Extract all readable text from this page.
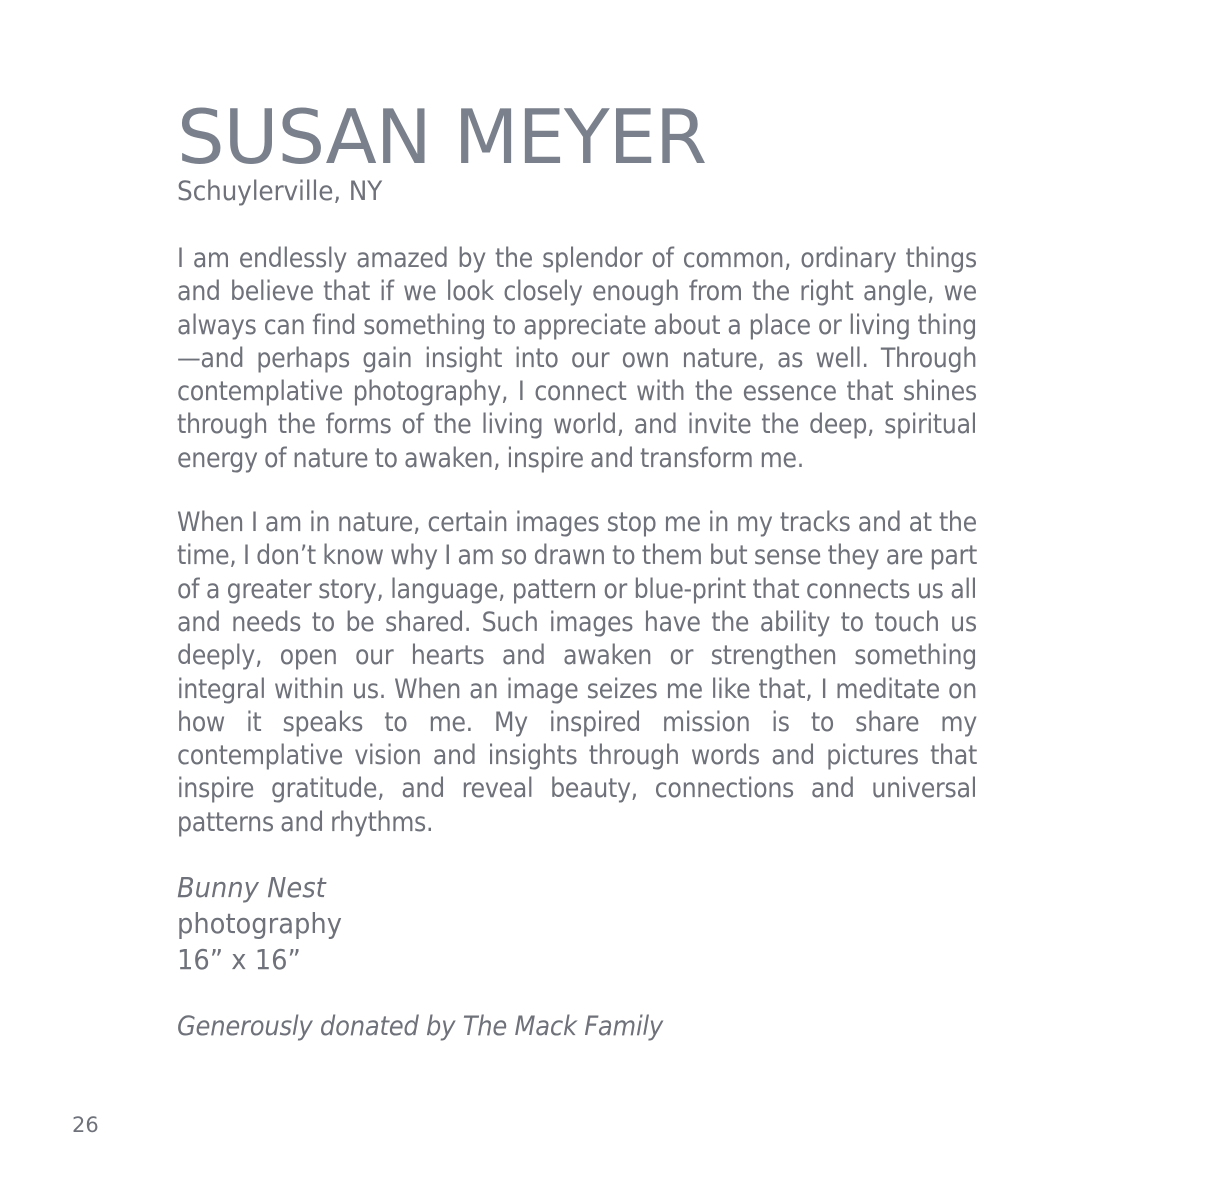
SUSAN MEYER
Schuylerville, NY

I am endlessly amazed by the splendor of common, ordinary things and believe that if we look closely enough from the right angle, we always can find something to appreciate about a place or living thing—and perhaps gain insight into our own nature, as well. Through contemplative photography, I connect with the essence that shines through the forms of the living world, and invite the deep, spiritual energy of nature to awaken, inspire and transform me.

When I am in nature, certain images stop me in my tracks and at the time, I don’t know why I am so drawn to them but sense they are part of a greater story, language, pattern or blue-print that connects us all and needs to be shared. Such images have the ability to touch us deeply, open our hearts and awaken or strengthen something integral within us. When an image seizes me like that, I meditate on how it speaks to me. My inspired mission is to share my contemplative vision and insights through words and pictures that inspire gratitude, and reveal beauty, connections and universal patterns and rhythms.

Bunny Nest
photography
16” x 16”
Generously donated by The Mack Family
26
